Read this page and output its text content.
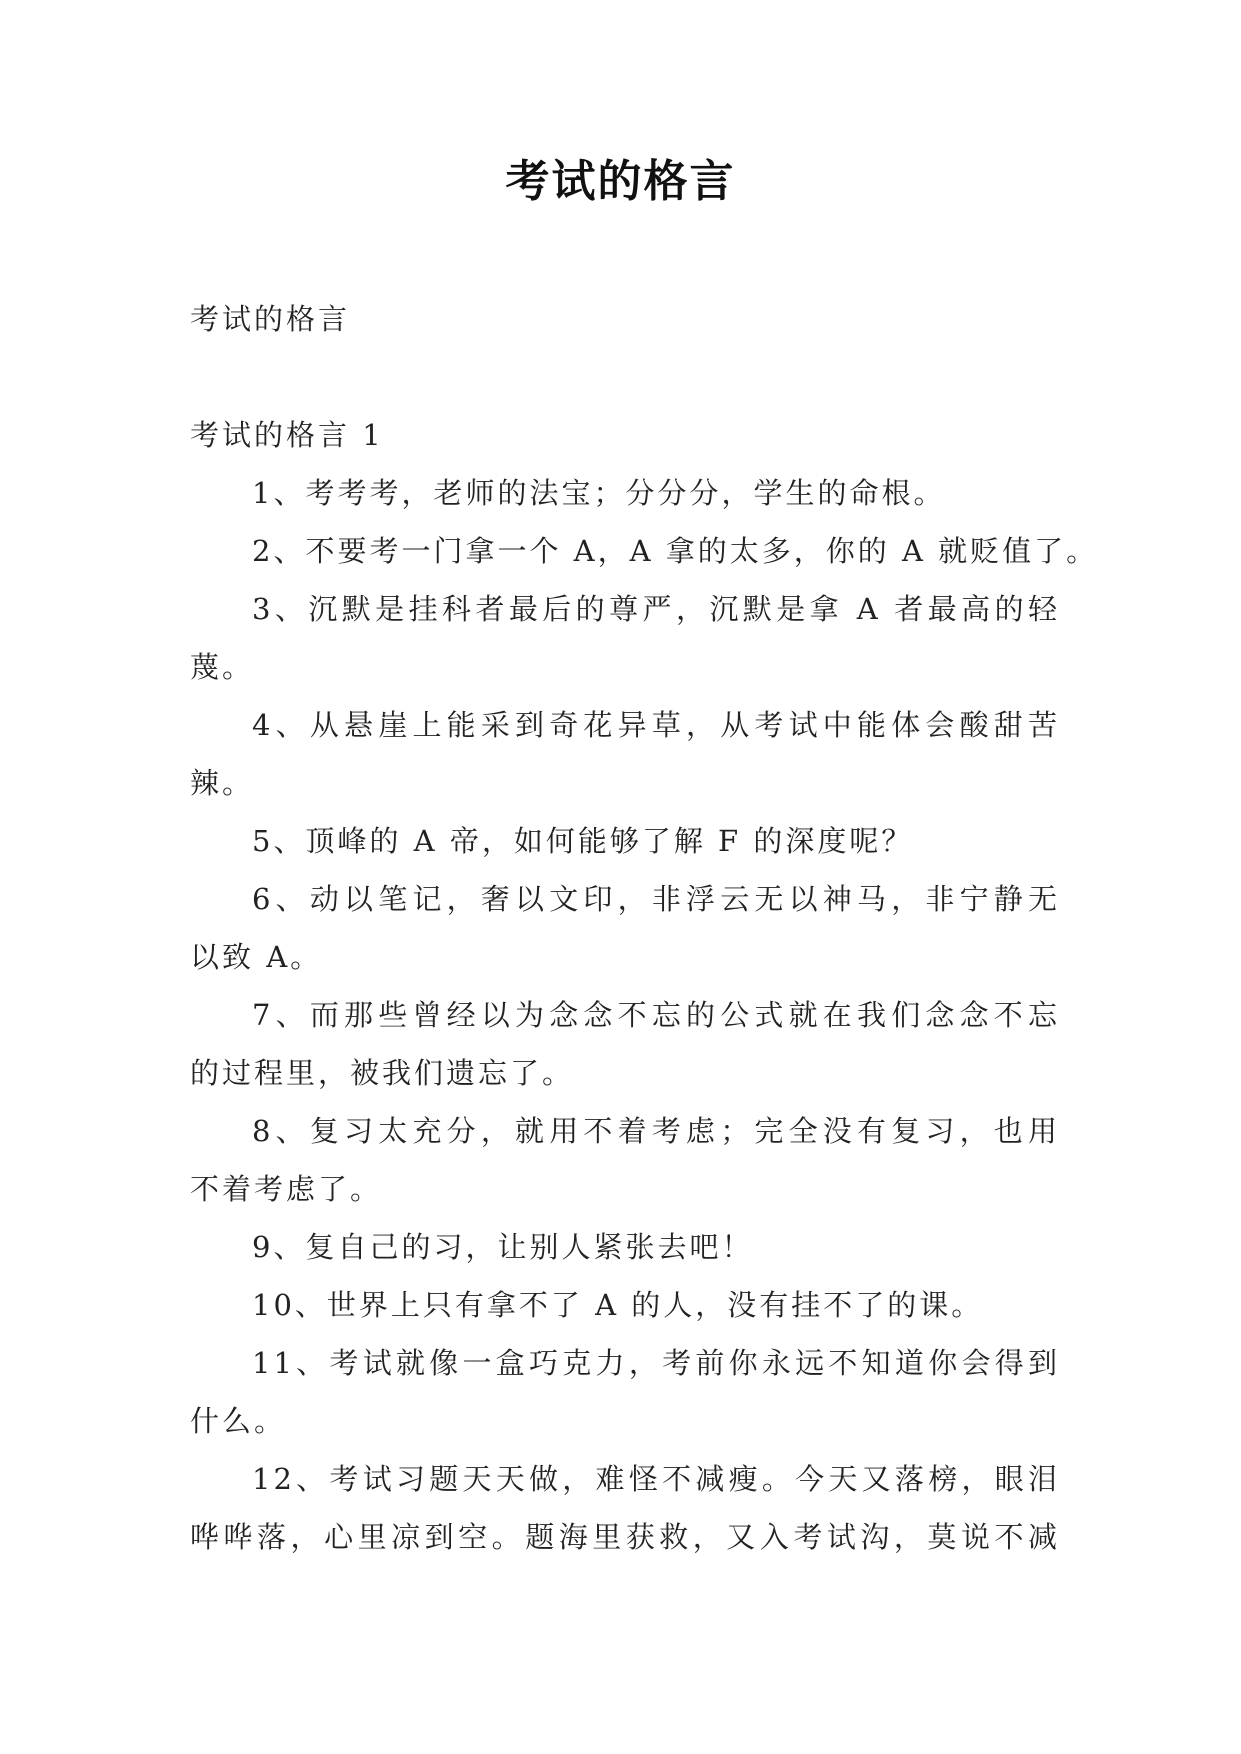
考试的格言
考试的格言
考试的格言 1
1、考考考，老师的法宝；分分分，学生的命根。
2、不要考一门拿一个 A，A 拿的太多，你的 A 就贬值了。
3、沉默是挂科者最后的尊严，沉默是拿 A 者最高的轻
蔑。
4、从悬崖上能采到奇花异草，从考试中能体会酸甜苦
辣。
5、顶峰的 A 帝，如何能够了解 F 的深度呢？
6、动以笔记，奢以文印，非浮云无以神马，非宁静无
以致 A。
7、而那些曾经以为念念不忘的公式就在我们念念不忘
的过程里，被我们遗忘了。
8、复习太充分，就用不着考虑；完全没有复习，也用
不着考虑了。
9、复自己的习，让别人紧张去吧！
10、世界上只有拿不了 A 的人，没有挂不了的课。
11、考试就像一盒巧克力，考前你永远不知道你会得到
什么。
12、考试习题天天做，难怪不减瘦。今天又落榜，眼泪
哗哗落，心里凉到空。题海里获救，又入考试沟，莫说不减
